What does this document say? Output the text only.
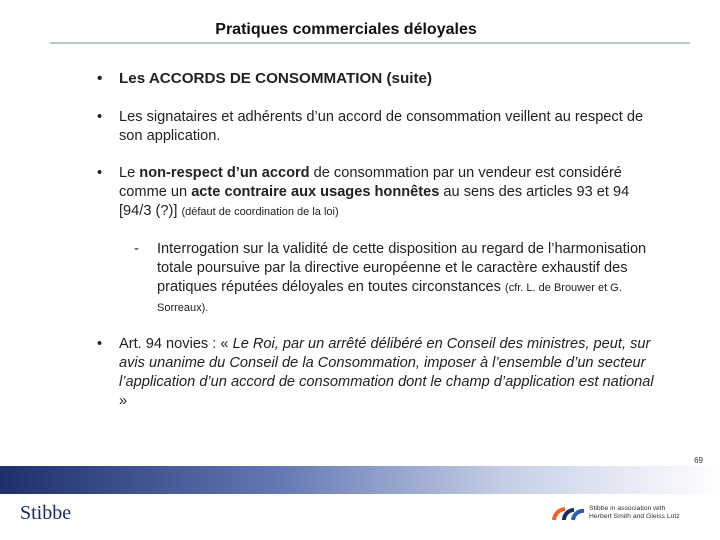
Pratiques commerciales déloyales
• Les ACCORDS DE CONSOMMATION (suite)
• Les signataires et adhérents d’un accord de consommation veillent au respect de son application.
• Le non-respect d’un accord de consommation par un vendeur est considéré comme un acte contraire aux usages honnêtes au sens des articles 93 et 94 [94/3 (?)] (défaut de coordination de la loi)
- Interrogation sur la validité de cette disposition au regard de l’harmonisation totale poursuive par la directive européenne et le caractère exhaustif des pratiques réputées déloyales en toutes circonstances (cfr. L. de Brouwer et G. Sorreaux).
• Art. 94 novies : « Le Roi, par un arrêté délibéré en Conseil des ministres, peut, sur avis unanime du Conseil de la Consommation, imposer à l’ensemble d’un secteur l’application d’un accord de consommation dont le champ d’application est national »
69
Stibbe	Stibbe in association with
Herbert Smith and Gleiss Lutz
